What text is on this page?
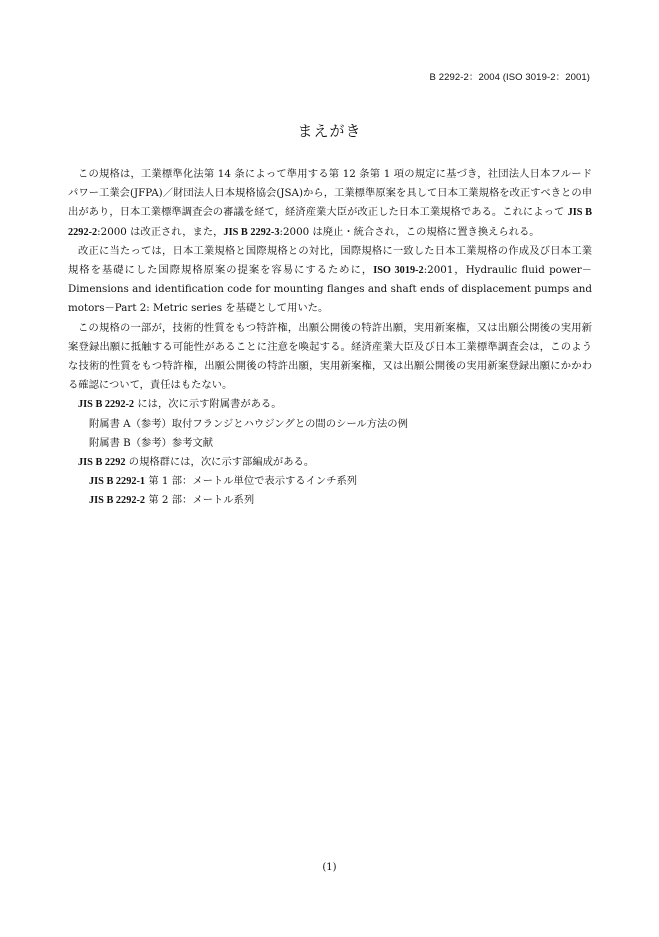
B 2292-2：2004 (ISO 3019-2：2001)
まえがき

この規格は，工業標準化法第 14 条によって準用する第 12 条第 1 項の規定に基づき，社団法人日本フルードパワー工業会(JFPA)／財団法人日本規格協会(JSA)から，工業標準原案を具して日本工業規格を改正すべきとの申出があり，日本工業標準調査会の審議を経て，経済産業大臣が改正した日本工業規格である。これによって JIS B 2292-2:2000 は改正され，また，JIS B 2292-3:2000 は廃止・統合され，この規格に置き換えられる。

改正に当たっては，日本工業規格と国際規格との対比，国際規格に一致した日本工業規格の作成及び日本工業規格を基礎にした国際規格原案の提案を容易にするために，ISO 3019-2:2001，Hydraulic fluid power－Dimensions and identification code for mounting flanges and shaft ends of displacement pumps and motors－Part 2: Metric series を基礎として用いた。

この規格の一部が，技術的性質をもつ特許権，出願公開後の特許出願，実用新案権，又は出願公開後の実用新案登録出願に抵触する可能性があることに注意を喚起する。経済産業大臣及び日本工業標準調査会は，このような技術的性質をもつ特許権，出願公開後の特許出願，実用新案権，又は出願公開後の実用新案登録出願にかかわる確認について，責任はもたない。

JIS B 2292-2 には，次に示す附属書がある。

附属書 A（参考）取付フランジとハウジングとの間のシール方法の例

附属書 B（参考）参考文献

JIS B 2292 の規格群には，次に示す部編成がある。

JIS B 2292-1 第 1 部：メートル単位で表示するインチ系列

JIS B 2292-2 第 2 部：メートル系列

(1)
